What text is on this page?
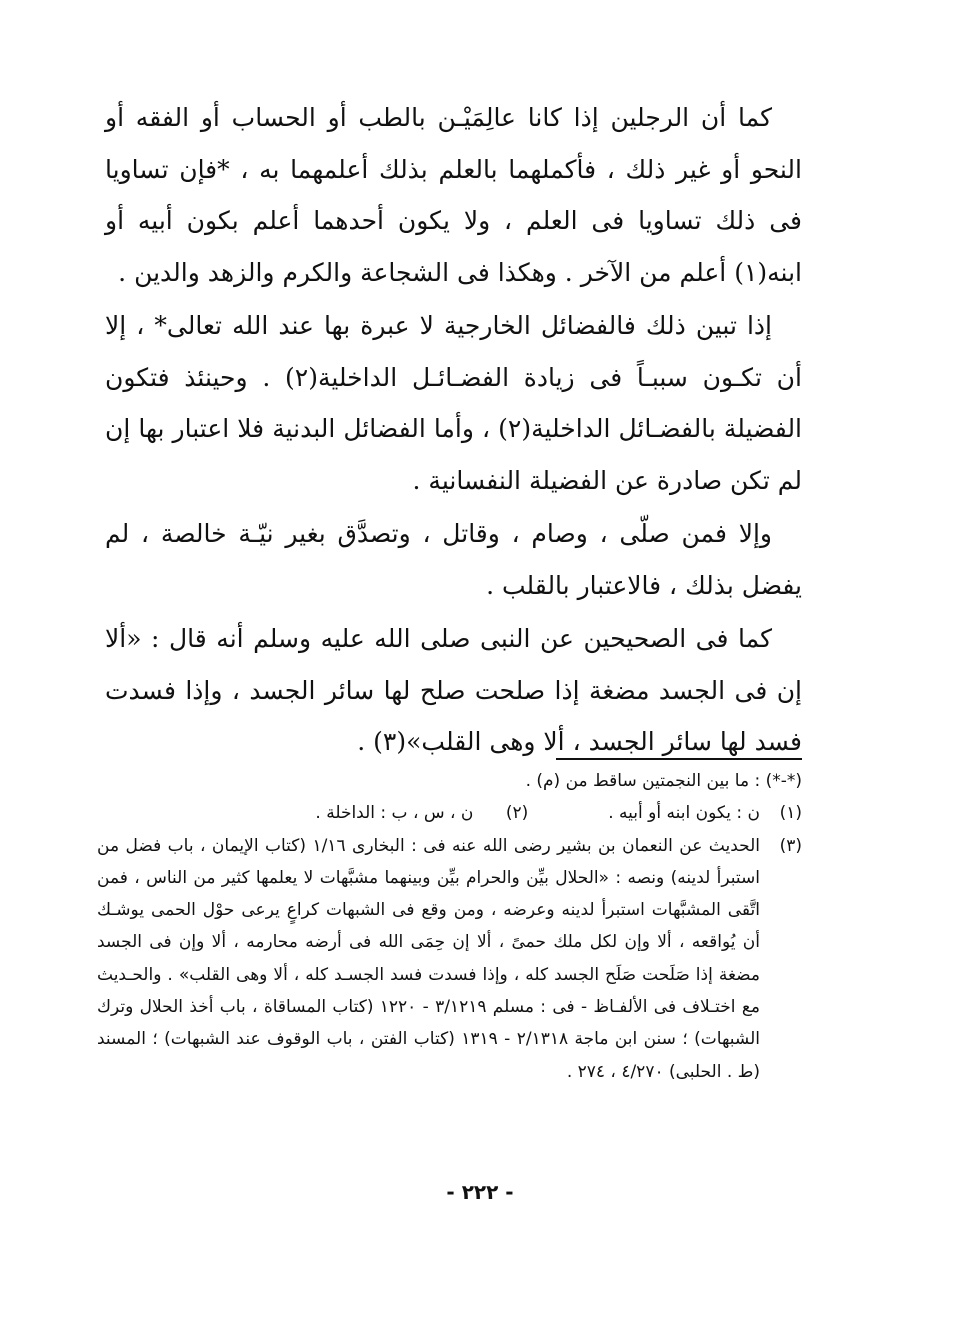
كما أن الرجلين إذا كانا عالِمَيْـن بالطب أو الحساب أو الفقه أو النحو أو غير ذلك ، فأكملهما بالعلم بذلك أعلمهما به ، *فإن تساويا فى ذلك تساويا فى العلم ، ولا يكون أحدهما أعلم بكون أبيه أو ابنه(١) أعلم من الآخر . وهكذا فى الشجاعة والكرم والزهد والدين .

إذا تبين ذلك فالفضائل الخارجية لا عبرة بها عند الله تعالى* ، إلا أن تكـون سببـاً فى زيادة الفضـائـل الداخلية(٢) . وحينئذ فتكون الفضيلة بالفضـائل الداخلية(٢) ، وأما الفضائل البدنية فلا اعتبار بها إن لم تكن صادرة عن الفضيلة النفسانية .

وإلا فمن صلّى ، وصام ، وقاتل ، وتصدَّق بغير نيّـة خالصة ، لم يفضل بذلك ، فالاعتبار بالقلب .

كما فى الصحيحين عن النبى صلى الله عليه وسلم أنه قال : «ألا إن فى الجسد مضغة إذا صلحت صلح لها سائر الجسد ، وإذا فسدت فسد لها سائر الجسد ، ألا وهى القلب»(٣) .

(*-*) : ما بين النجمتين ساقط من (م) .
(١)
ن : يكون ابنه أو أبيه .
(٢)      ن ، س ، ب : الداخلة .
(٣)
الحديث عن النعمان بن بشير رضى الله عنه فى : البخارى ١/١٦ (كتاب الإيمان ، باب فضل من استبرأ لدينه) ونصه : «الحلال بيِّن والحرام بيِّن وبينهما مشبَّهات لا يعلمها كثير من الناس ، فمن اتَّقى المشبَّهات استبرأ لدينه وعرضه ، ومن وقع فى الشبهات كراعٍ يرعى حوْل الحمى يوشـك أن يُواقعه ، ألا وإن لكل ملك حمىً ، ألا إن حِمَى الله فى أرضه محارمه ، ألا وإن فى الجسد مضغة إذا صَلَحت صَلَح الجسد كله ، وإذا فسدت فسد الجسـد كله ، ألا وهى القلب» . والحـديث مع اختـلاف فى الألفـاظ - فى : مسلم ٣/١٢١٩ - ١٢٢٠ (كتاب المساقاة ، باب أخذ الحلال وترك الشبهات) ؛ سنن ابن ماجة ٢/١٣١٨ - ١٣١٩ (كتاب الفتن ، باب الوقوف عند الشبهات) ؛ المسند (ط . الحلبى) ٤/٢٧٠ ، ٢٧٤ .
- ٢٢٢ -
